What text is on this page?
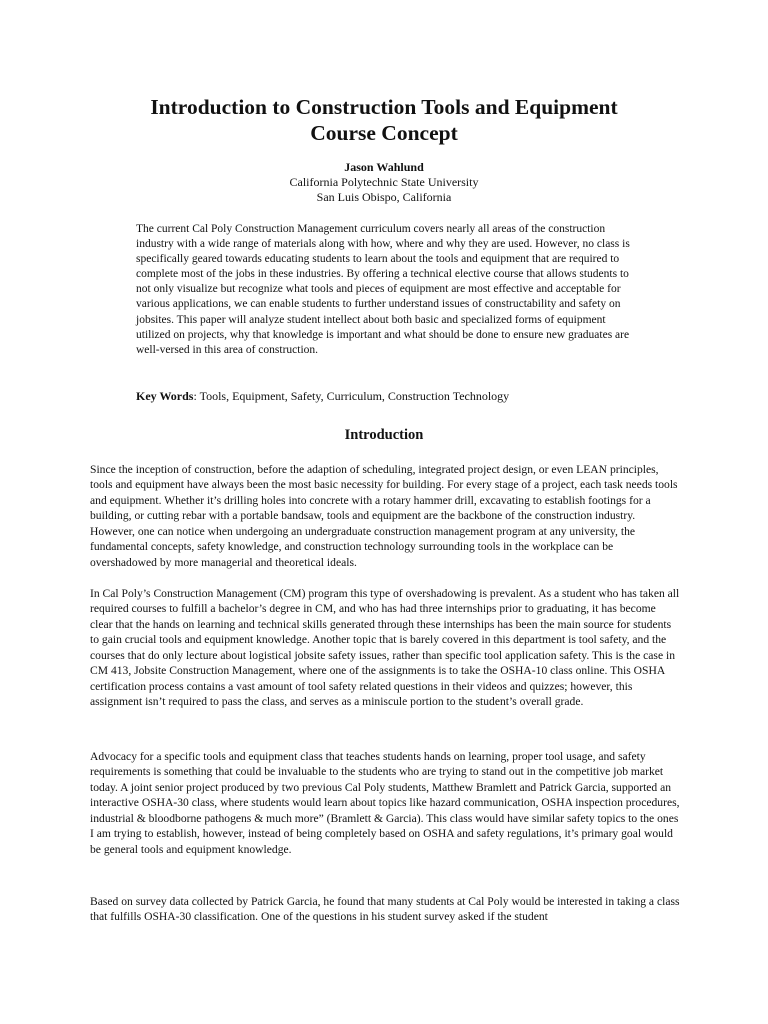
Introduction to Construction Tools and Equipment
Course Concept
Jason Wahlund
California Polytechnic State University
San Luis Obispo, California

The current Cal Poly Construction Management curriculum covers nearly all areas of the construction industry with a wide range of materials along with how, where and why they are used. However, no class is specifically geared towards educating students to learn about the tools and equipment that are required to complete most of the jobs in these industries. By offering a technical elective course that allows students to not only visualize but recognize what tools and pieces of equipment are most effective and acceptable for various applications, we can enable students to further understand issues of constructability and safety on jobsites. This paper will analyze student intellect about both basic and specialized forms of equipment utilized on projects, why that knowledge is important and what should be done to ensure new graduates are well-versed in this area of construction.

Key Words: Tools, Equipment, Safety, Curriculum, Construction Technology

Introduction

Since the inception of construction, before the adaption of scheduling, integrated project design, or even LEAN principles, tools and equipment have always been the most basic necessity for building. For every stage of a project, each task needs tools and equipment. Whether it’s drilling holes into concrete with a rotary hammer drill, excavating to establish footings for a building, or cutting rebar with a portable bandsaw, tools and equipment are the backbone of the construction industry. However, one can notice when undergoing an undergraduate construction management program at any university, the fundamental concepts, safety knowledge, and construction technology surrounding tools in the workplace can be overshadowed by more managerial and theoretical ideals.

In Cal Poly’s Construction Management (CM) program this type of overshadowing is prevalent. As a student who has taken all required courses to fulfill a bachelor’s degree in CM, and who has had three internships prior to graduating, it has become clear that the hands on learning and technical skills generated through these internships has been the main source for students to gain crucial tools and equipment knowledge. Another topic that is barely covered in this department is tool safety, and the courses that do only lecture about logistical jobsite safety issues, rather than specific tool application safety. This is the case in CM 413, Jobsite Construction Management, where one of the assignments is to take the OSHA-10 class online. This OSHA certification process contains a vast amount of tool safety related questions in their videos and quizzes; however, this assignment isn’t required to pass the class, and serves as a miniscule portion to the student’s overall grade.

Advocacy for a specific tools and equipment class that teaches students hands on learning, proper tool usage, and safety requirements is something that could be invaluable to the students who are trying to stand out in the competitive job market today. A joint senior project produced by two previous Cal Poly students, Matthew Bramlett and Patrick Garcia, supported an interactive OSHA-30 class, where students would learn about topics like hazard communication, OSHA inspection procedures, industrial & bloodborne pathogens & much more” (Bramlett & Garcia). This class would have similar safety topics to the ones I am trying to establish, however, instead of being completely based on OSHA and safety regulations, it’s primary goal would be general tools and equipment knowledge.

Based on survey data collected by Patrick Garcia, he found that many students at Cal Poly would be interested in taking a class that fulfills OSHA-30 classification. One of the questions in his student survey asked if the student
